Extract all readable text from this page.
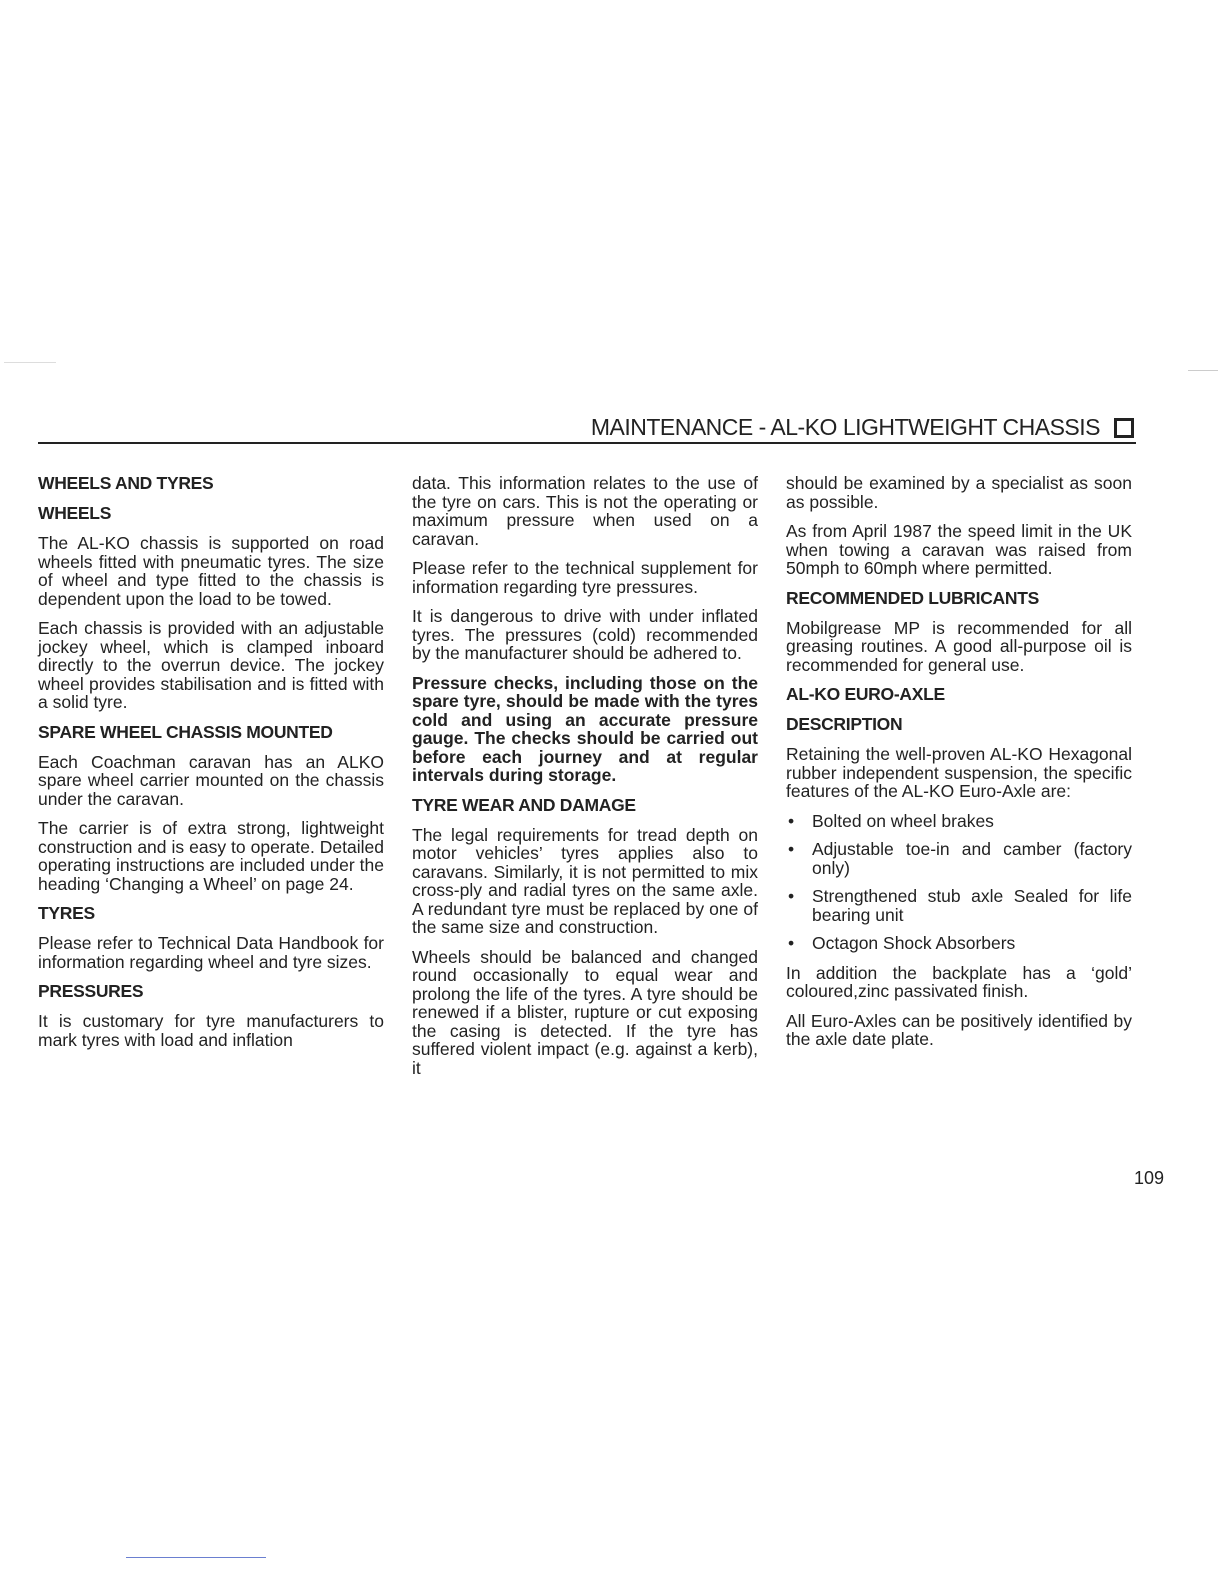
MAINTENANCE - AL-KO LIGHTWEIGHT CHASSIS
WHEELS AND TYRES
WHEELS

The AL-KO chassis is supported on road wheels fitted with pneumatic tyres. The size of wheel and type fitted to the chassis is dependent upon the load to be towed.

Each chassis is provided with an adjustable jockey wheel, which is clamped inboard directly to the overrun device. The jockey wheel provides stabilisation and is fitted with a solid tyre.

SPARE WHEEL CHASSIS MOUNTED

Each Coachman caravan has an ALKO spare wheel carrier mounted on the chassis under the caravan.

The carrier is of extra strong, lightweight construction and is easy to operate. Detailed operating instructions are included under the heading ‘Changing a Wheel’ on page 24.

TYRES

Please refer to Technical Data Handbook for information regarding wheel and tyre sizes.

PRESSURES

It is customary for tyre manufacturers to mark tyres with load and inflation

data. This information relates to the use of the tyre on cars. This is not the operating or maximum pressure when used on a caravan.

Please refer to the technical supplement for information regarding tyre pressures.

It is dangerous to drive with under inflated tyres. The pressures (cold) recommended by the manufacturer should be adhered to.

Pressure checks, including those on the spare tyre, should be made with the tyres cold and using an accurate pressure gauge. The checks should be carried out before each journey and at regular intervals during storage.

TYRE WEAR AND DAMAGE

The legal requirements for tread depth on motor vehicles’ tyres applies also to caravans. Similarly, it is not permitted to mix cross-ply and radial tyres on the same axle. A redundant tyre must be replaced by one of the same size and construction.

Wheels should be balanced and changed round occasionally to equal wear and prolong the life of the tyres. A tyre should be renewed if a blister, rupture or cut exposing the casing is detected. If the tyre has suffered violent impact (e.g. against a kerb), it

should be examined by a specialist as soon as possible.

As from April 1987 the speed limit in the UK when towing a caravan was raised from 50mph to 60mph where permitted.

RECOMMENDED LUBRICANTS

Mobilgrease MP is recommended for all greasing routines. A good all-purpose oil is recommended for general use.

AL-KO EURO-AXLE
DESCRIPTION

Retaining the well-proven AL-KO Hexagonal rubber independent suspension, the specific features of the AL-KO Euro-Axle are:

• Bolted on wheel brakes
• Adjustable toe-in and camber (factory only)
• Strengthened stub axle Sealed for life bearing unit
• Octagon Shock Absorbers

In addition the backplate has a ‘gold’ coloured,zinc passivated finish.

All Euro-Axles can be positively identified by the axle date plate.

109
